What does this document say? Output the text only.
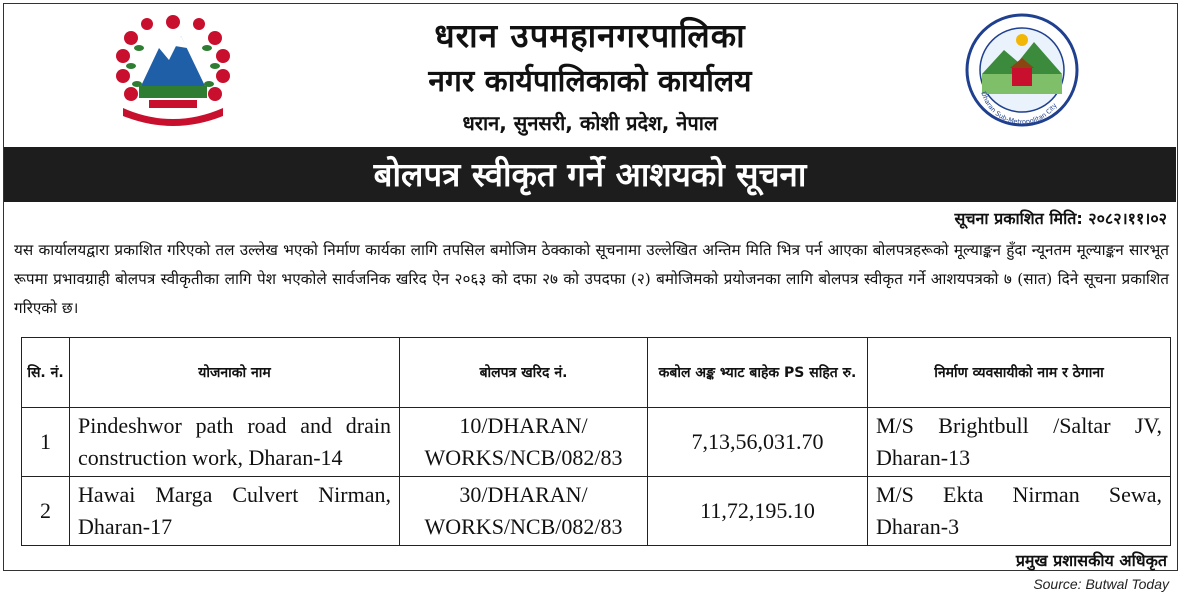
धरान उपमहानगरपालिका
नगर कार्यपालिकाको कार्यालय
धरान, सुनसरी, कोशी प्रदेश, नेपाल
Dharan Sub-Metropolitan City
बोलपत्र स्वीकृत गर्ने आशयको सूचना
सूचना प्रकाशित मिति: २०८२।११।०२

यस कार्यालयद्वारा प्रकाशित गरिएको तल उल्लेख भएको निर्माण कार्यका लागि तपसिल बमोजिम ठेक्काको सूचनामा उल्लेखित अन्तिम मिति भित्र पर्न आएका बोलपत्रहरूको मूल्याङ्कन हुँदा न्यूनतम मूल्याङ्कन सारभूत रूपमा प्रभावग्राही बोलपत्र स्वीकृतीका लागि पेश भएकोले सार्वजनिक खरिद ऐन २०६३ को दफा २७ को उपदफा (२) बमोजिमको प्रयोजनका लागि बोलपत्र स्वीकृत गर्ने आशयपत्रको ७ (सात) दिने सूचना प्रकाशित गरिएको छ।

सि. नं.	योजनाको नाम	बोलपत्र खरिद नं.	कबोल अङ्क भ्याट बाहेक PS सहित रु.	निर्माण व्यवसायीको नाम र ठेगाना
1	Pindeshwor path road and drain construction work, Dharan-14	10/DHARAN/ WORKS/NCB/082/83	7,13,56,031.70	M/S Brightbull /Saltar JV, Dharan-13
2	Hawai Marga Culvert Nirman, Dharan-17	30/DHARAN/ WORKS/NCB/082/83	11,72,195.10	M/S Ekta Nirman Sewa, Dharan-3
प्रमुख प्रशासकीय अधिकृत
Source: Butwal Today
